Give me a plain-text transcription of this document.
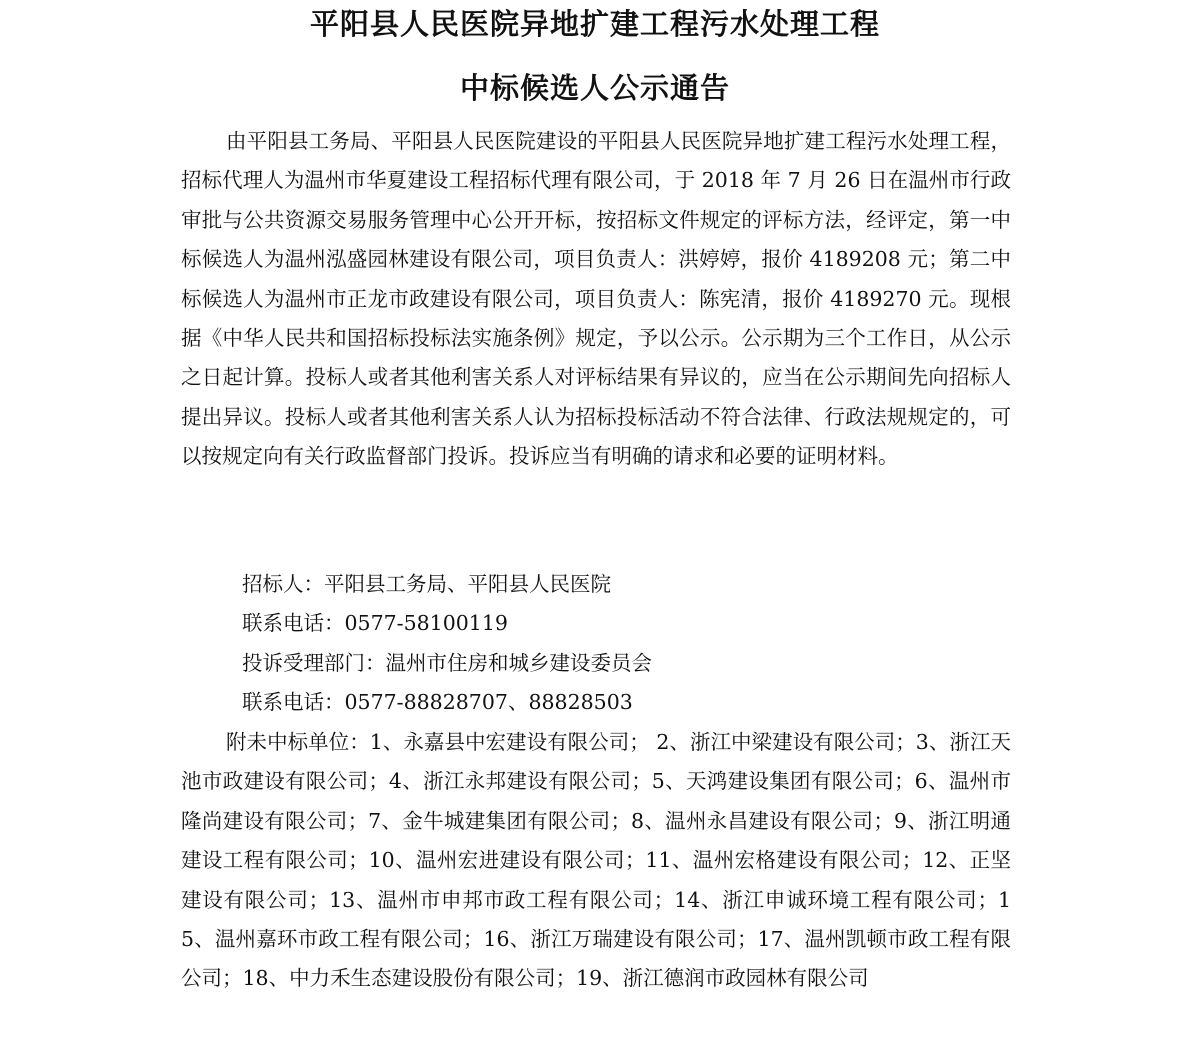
平阳县人民医院异地扩建工程污水处理工程
中标候选人公示通告

由平阳县工务局、平阳县人民医院建设的平阳县人民医院异地扩建工程污水处理工程，招标代理人为温州市华夏建设工程招标代理有限公司，于 2018 年 7 月 26 日在温州市行政审批与公共资源交易服务管理中心公开开标，按招标文件规定的评标方法，经评定，第一中标候选人为温州泓盛园林建设有限公司，项目负责人：洪婷婷，报价 4189208 元；第二中标候选人为温州市正龙市政建设有限公司，项目负责人：陈宪清，报价 4189270 元。现根据《中华人民共和国招标投标法实施条例》规定，予以公示。公示期为三个工作日，从公示之日起计算。投标人或者其他利害关系人对评标结果有异议的，应当在公示期间先向招标人提出异议。投标人或者其他利害关系人认为招标投标活动不符合法律、行政法规规定的，可以按规定向有关行政监督部门投诉。投诉应当有明确的请求和必要的证明材料。

招标人：平阳县工务局、平阳县人民医院
联系电话：0577-58100119
投诉受理部门：温州市住房和城乡建设委员会
联系电话：0577-88828707、88828503

附未中标单位：1、永嘉县中宏建设有限公司； 2、浙江中梁建设有限公司；3、浙江天池市政建设有限公司；4、浙江永邦建设有限公司；5、天鸿建设集团有限公司；6、温州市隆尚建设有限公司；7、金牛城建集团有限公司；8、温州永昌建设有限公司；9、浙江明通建设工程有限公司；10、温州宏进建设有限公司；11、温州宏格建设有限公司；12、正坚建设有限公司；13、温州市申邦市政工程有限公司；14、浙江申诚环境工程有限公司；15、温州嘉环市政工程有限公司；16、浙江万瑞建设有限公司；17、温州凯顿市政工程有限公司；18、中力禾生态建设股份有限公司；19、浙江德润市政园林有限公司
